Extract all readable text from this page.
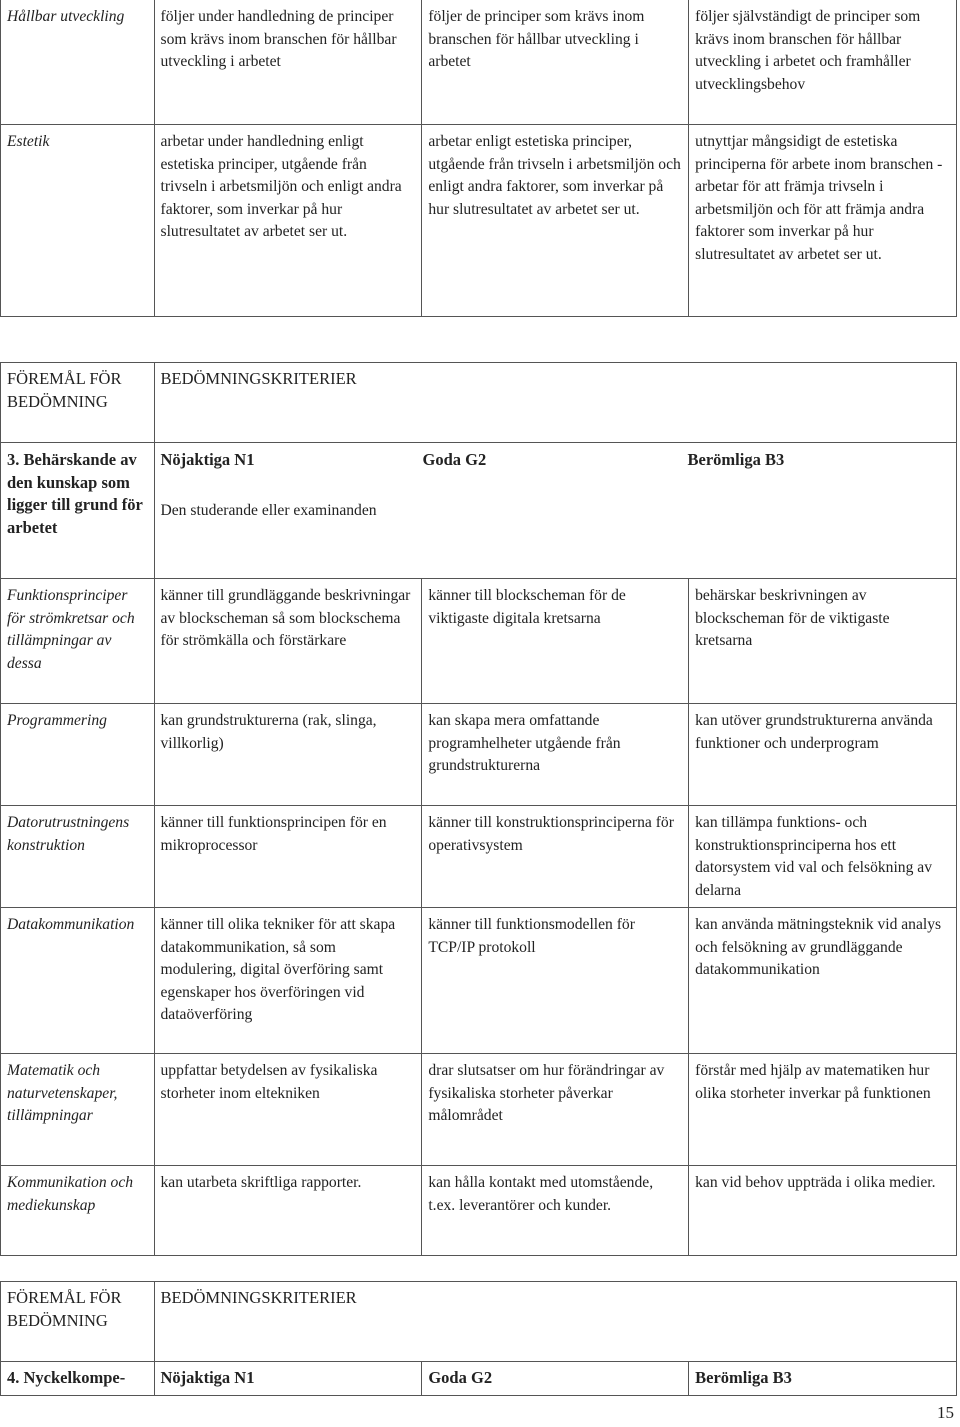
Hållbar utveckling	följer under handledning de principer som krävs inom branschen för hållbar utveckling i arbetet	följer de principer som krävs inom branschen för hållbar utveckling i arbetet	följer självständigt de principer som krävs inom branschen för hållbar utveckling i arbetet och framhåller utvecklingsbehov
Estetik	arbetar under handledning enligt estetiska principer, utgående från trivseln i arbetsmiljön och enligt andra faktorer, som inverkar på hur slutresultatet av arbetet ser ut.	arbetar enligt estetiska principer, utgående från trivseln i arbetsmiljön och enligt andra faktorer, som inverkar på hur slutresultatet av arbetet ser ut.	utnyttjar mångsidigt de estetiska principerna för arbete inom branschen - arbetar för att främja trivseln i arbetsmiljön och för att främja andra faktorer som inverkar på hur slutresultatet av arbetet ser ut.
FÖREMÅL FÖR BEDÖMNING	BEDÖMNINGSKRITERIER		
3. Behärskande av den kunskap som ligger till grund för arbetet	Nöjaktiga N1 Goda G2 Berömliga B3
Den studerande eller examinanden		

Funktionsprinciper för strömkretsar och tillämpningar av dessa	känner till grundläggande beskrivningar av blockscheman så som blockschema för strömkälla och förstärkare	känner till blockscheman för de viktigaste digitala kretsarna	behärskar beskrivningen av blockscheman för de viktigaste kretsarna
Programmering	kan grundstrukturerna (rak, slinga, villkorlig)	kan skapa mera omfattande programhelheter utgående från grundstrukturerna	kan utöver grundstrukturerna använda funktioner och underprogram
Datorutrustningens konstruktion	känner till funktionsprincipen för en mikroprocessor	känner till konstruktionsprinciperna för operativsystem	kan tillämpa funktions- och konstruktionsprinciperna hos ett datorsystem vid val och felsökning av delarna
Datakommunikation	känner till olika tekniker för att skapa datakommunikation, så som modulering, digital överföring samt egenskaper hos överföringen vid dataöverföring	känner till funktionsmodellen för TCP/IP protokoll	kan använda mätningsteknik vid analys och felsökning av grundläggande datakommunikation
Matematik och naturvetenskaper, tillämpningar	uppfattar betydelsen av fysikaliska storheter inom eltekniken	drar slutsatser om hur förändringar av fysikaliska storheter påverkar målområdet	förstår med hjälp av matematiken hur olika storheter inverkar på funktionen
Kommunikation och mediekunskap	kan utarbeta skriftliga rapporter.	kan hålla kontakt med utomstående, t.ex. leverantörer och kunder.	kan vid behov uppträda i olika medier.
FÖREMÅL FÖR BEDÖMNING	BEDÖMNINGSKRITERIER		
4. Nyckelkompe-	Nöjaktiga N1	Goda G2	Berömliga B3
15
